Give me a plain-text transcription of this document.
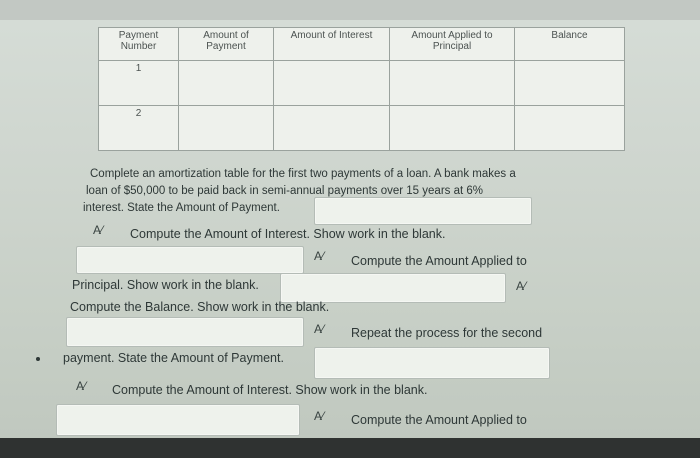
Payment Number	Amount of Payment	Amount of Interest	Amount Applied to Principal	Balance
1				
2				
Complete an amortization table for the first two payments of a loan. A bank makes a
loan of $50,000 to be paid back in semi-annual payments over 15 years at 6%
interest. State the Amount of Payment.
A⁄ Compute the Amount of Interest. Show work in the blank.
A⁄ Compute the Amount Applied to
Principal. Show work in the blank.	A⁄
Compute the Balance. Show work in the blank.
A⁄ Repeat the process for the second
payment. State the Amount of Payment.
A⁄ Compute the Amount of Interest. Show work in the blank.
A⁄ Compute the Amount Applied to
